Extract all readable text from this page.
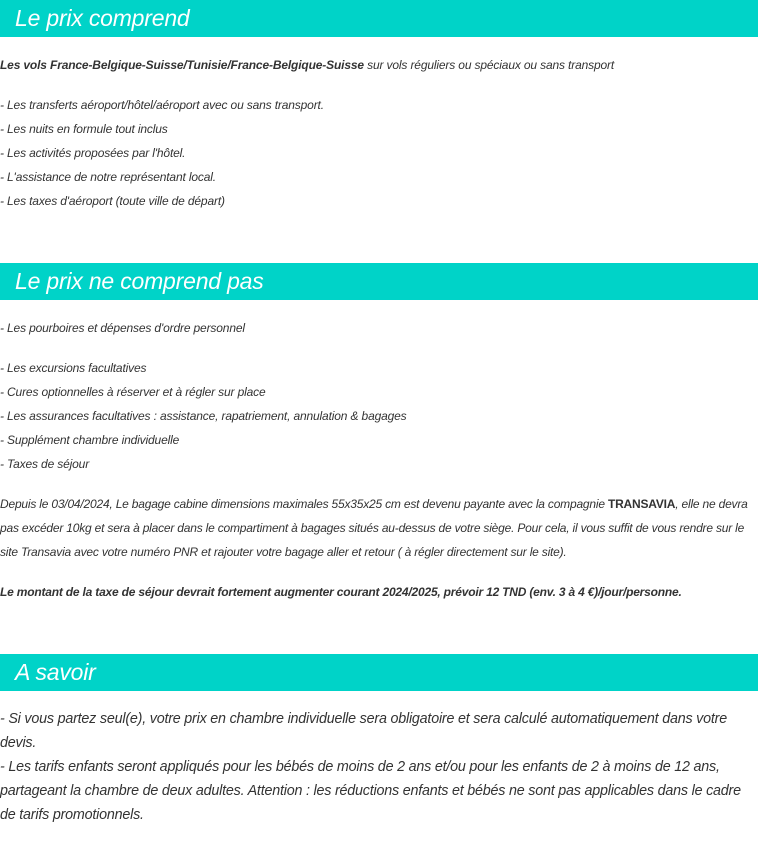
Le prix comprend

Les vols France-Belgique-Suisse/Tunisie/France-Belgique-Suisse sur vols réguliers ou spéciaux ou sans transport

- Les transferts aéroport/hôtel/aéroport avec ou sans transport.

- Les nuits en formule tout inclus

- Les activités proposées par l'hôtel.

- L'assistance de notre représentant local.

- Les taxes d'aéroport (toute ville de départ)

Le prix ne comprend pas

- Les pourboires et dépenses d'ordre personnel

- Les excursions facultatives

- Cures optionnelles à réserver et à régler sur place

- Les assurances facultatives : assistance, rapatriement, annulation & bagages

- Supplément chambre individuelle

- Taxes de séjour

Depuis le 03/04/2024, Le bagage cabine dimensions maximales 55x35x25 cm est devenu payante avec la compagnie TRANSAVIA, elle ne devra pas excéder 10kg et sera à placer dans le compartiment à bagages situés au-dessus de votre siège. Pour cela, il vous suffit de vous rendre sur le site Transavia avec votre numéro PNR et rajouter votre bagage aller et retour ( à régler directement sur le site).

Le montant de la taxe de séjour devrait fortement augmenter courant 2024/2025, prévoir 12 TND (env. 3 à 4 €)/jour/personne.

A savoir

- Si vous partez seul(e), votre prix en chambre individuelle sera obligatoire et sera calculé automatiquement dans votre devis.

- Les tarifs enfants seront appliqués pour les bébés de moins de 2 ans et/ou pour les enfants de 2 à moins de 12 ans, partageant la chambre de deux adultes. Attention : les réductions enfants et bébés ne sont pas applicables dans le cadre de tarifs promotionnels.
